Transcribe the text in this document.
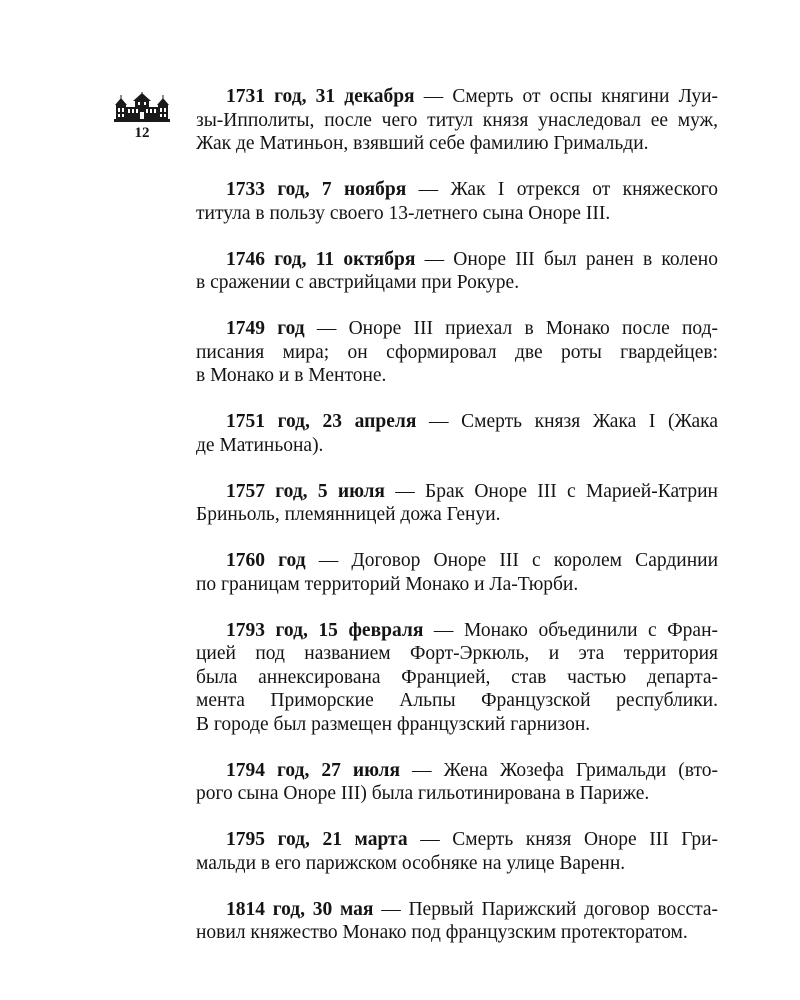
12

1731 год, 31 декабря — Смерть от оспы княгини Луи-
зы-Ипполиты, после чего титул князя унаследовал ее муж,
Жак де Матиньон, взявший себе фамилию Гримальди.

1733 год, 7 ноября — Жак I отрекся от княжеского
титула в пользу своего 13-летнего сына Оноре III.

1746 год, 11 октября — Оноре III был ранен в колено
в сражении с австрийцами при Рокуре.

1749 год — Оноре III приехал в Монако после под-
писания мира; он сформировал две роты гвардейцев:
в Монако и в Ментоне.

1751 год, 23 апреля — Смерть князя Жака I (Жака
де Матиньона).

1757 год, 5 июля — Брак Оноре III с Марией-Катрин
Бриньоль, племянницей дожа Генуи.

1760 год — Договор Оноре III с королем Сардинии
по границам территорий Монако и Ла-Тюрби.

1793 год, 15 февраля — Монако объединили с Фран-
цией под названием Форт-Эркюль, и эта территория
была аннексирована Францией, став частью департа-
мента Приморские Альпы Французской республики.
В городе был размещен французский гарнизон.

1794 год, 27 июля — Жена Жозефа Гримальди (вто-
рого сына Оноре III) была гильотинирована в Париже.

1795 год, 21 марта — Смерть князя Оноре III Гри-
мальди в его парижском особняке на улице Варенн.

1814 год, 30 мая — Первый Парижский договор восста-
новил княжество Монако под французским протекторатом.
